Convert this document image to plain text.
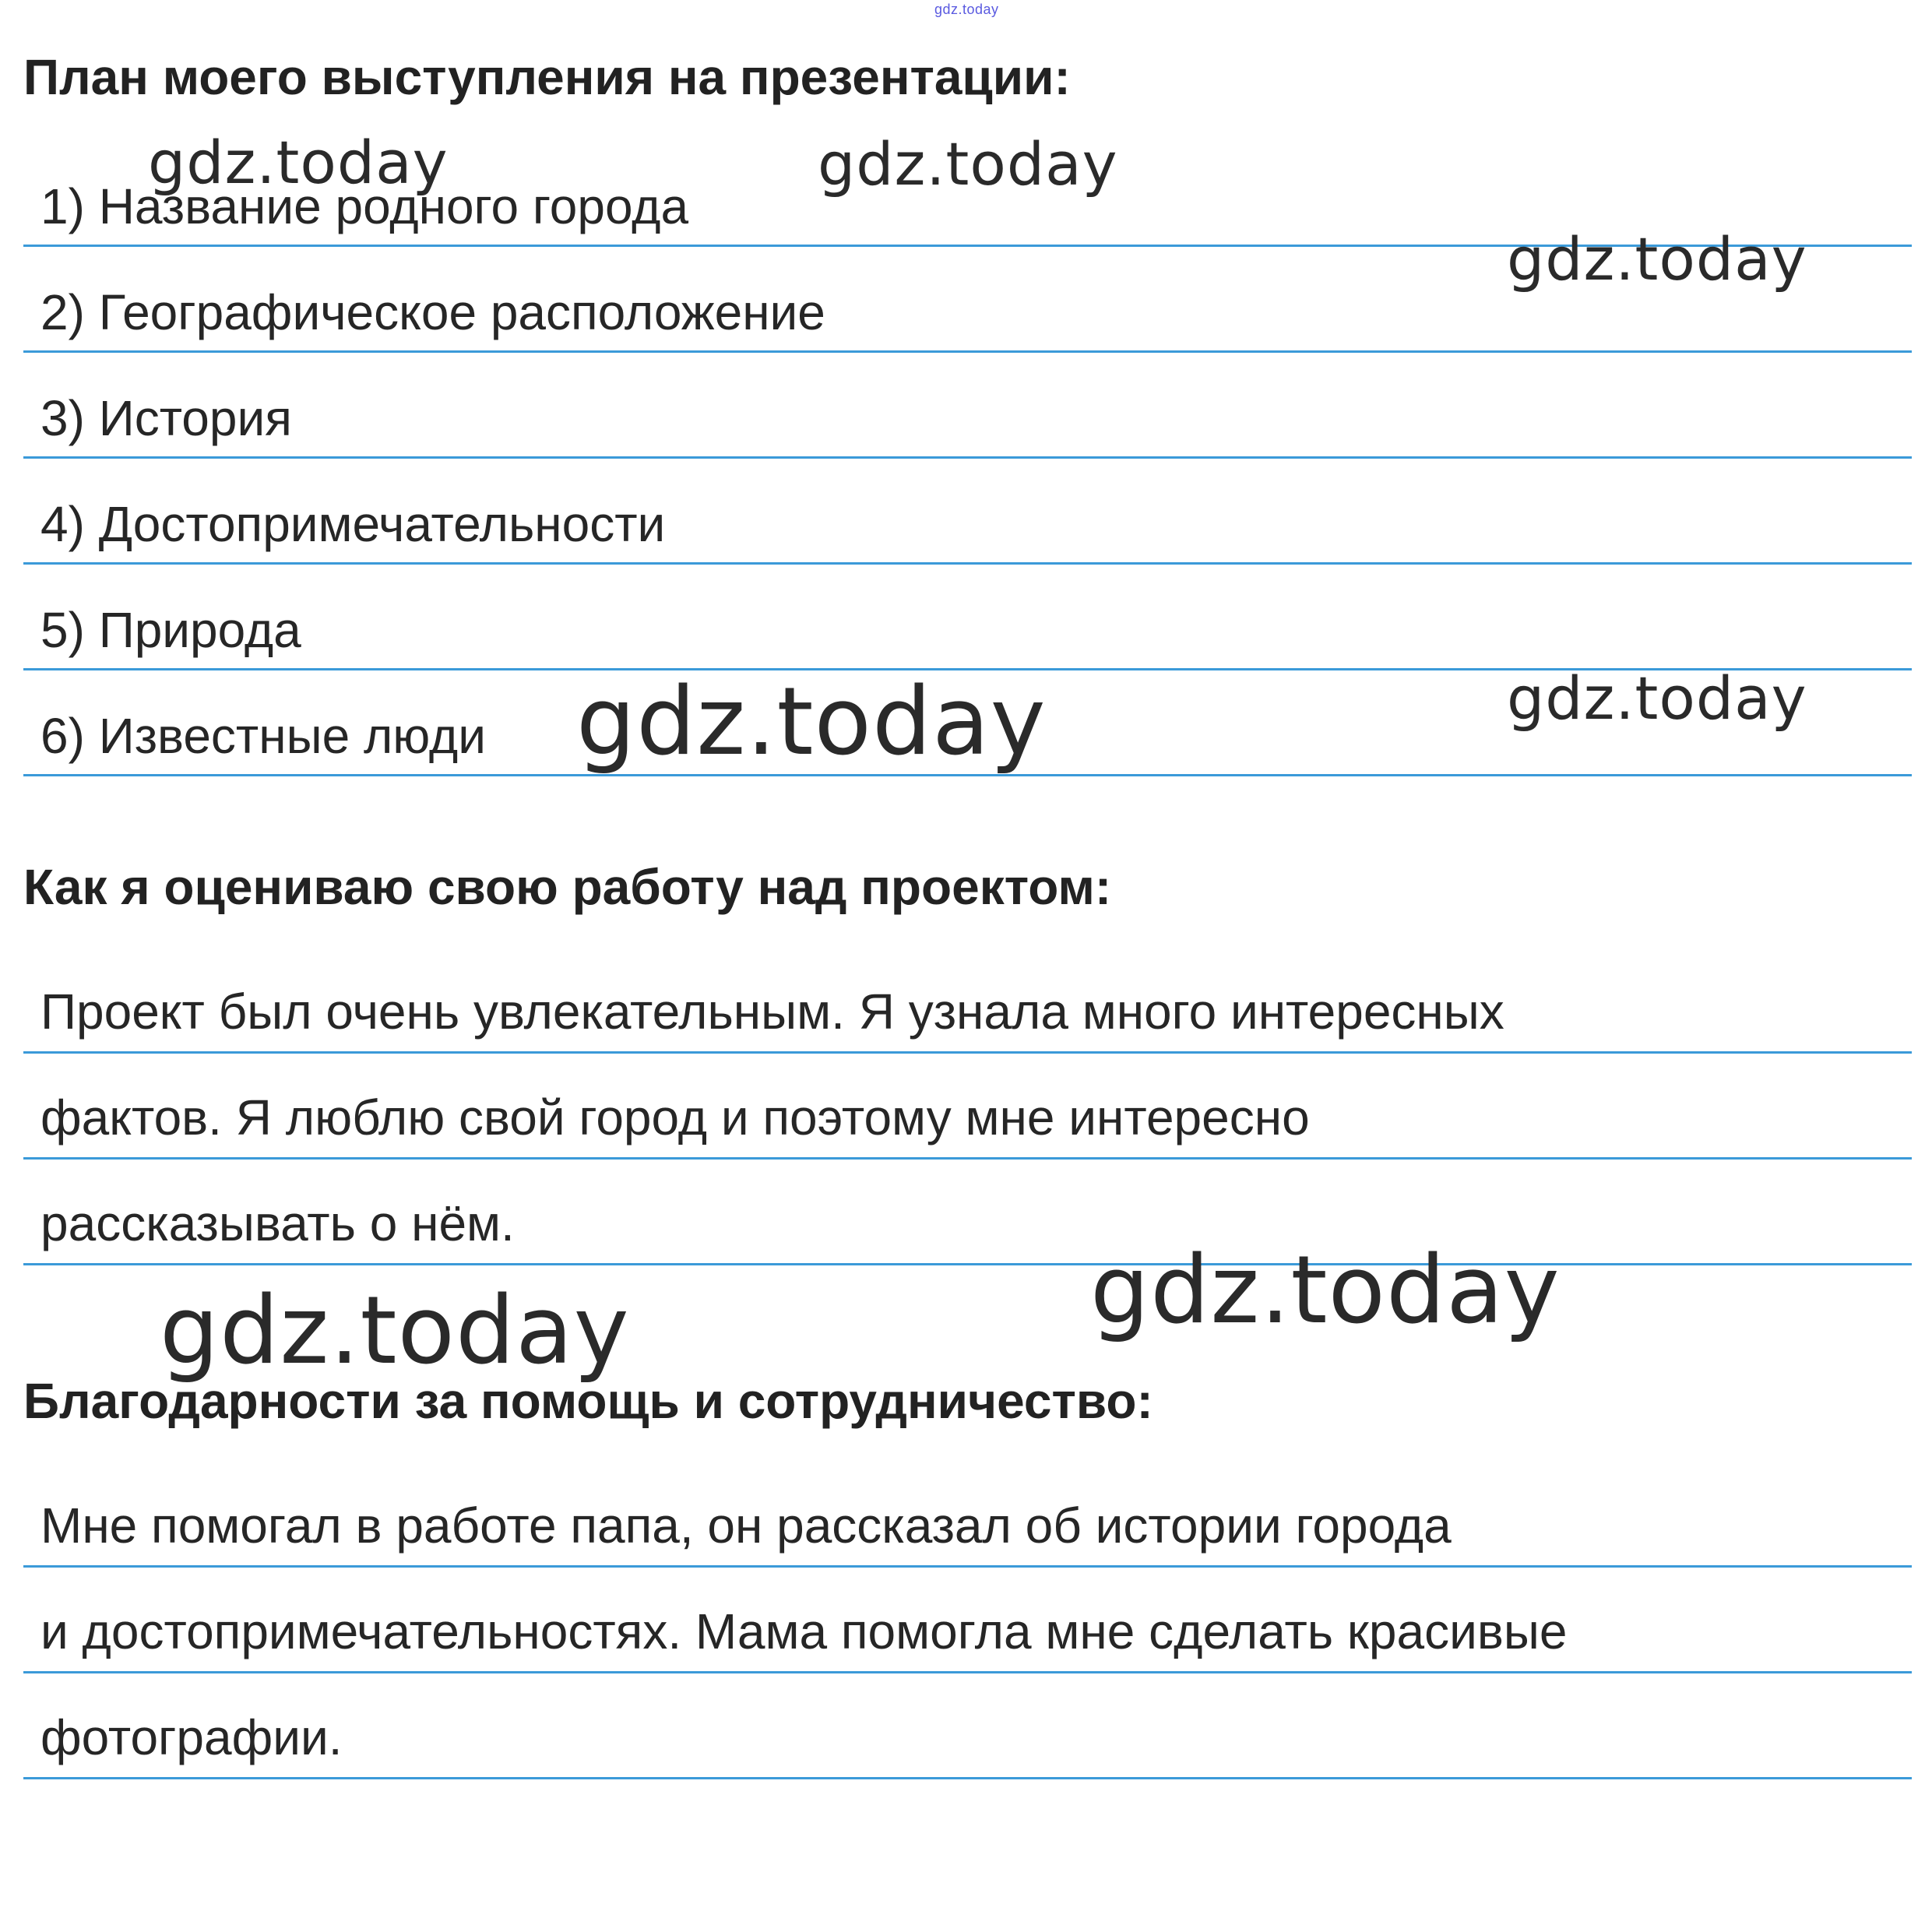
gdz.today
План моего выступления на презентации:
1) Название родного города
2) Географическое расположение
3) История
4) Достопримечательности
5) Природа
6) Известные люди
Как я оцениваю свою работу над проектом:
Проект был очень увлекательным. Я узнала много интересных
фактов. Я люблю свой город и поэтому мне интересно
рассказывать о нём.
Благодарности за помощь и сотрудничество:
Мне помогал в работе папа, он рассказал об истории города
и достопримечательностях. Мама помогла мне сделать красивые
фотографии.
gdz.today	gdz.today
gdz.today
gdz.today	gdz.today
gdz.today
gdz.today
